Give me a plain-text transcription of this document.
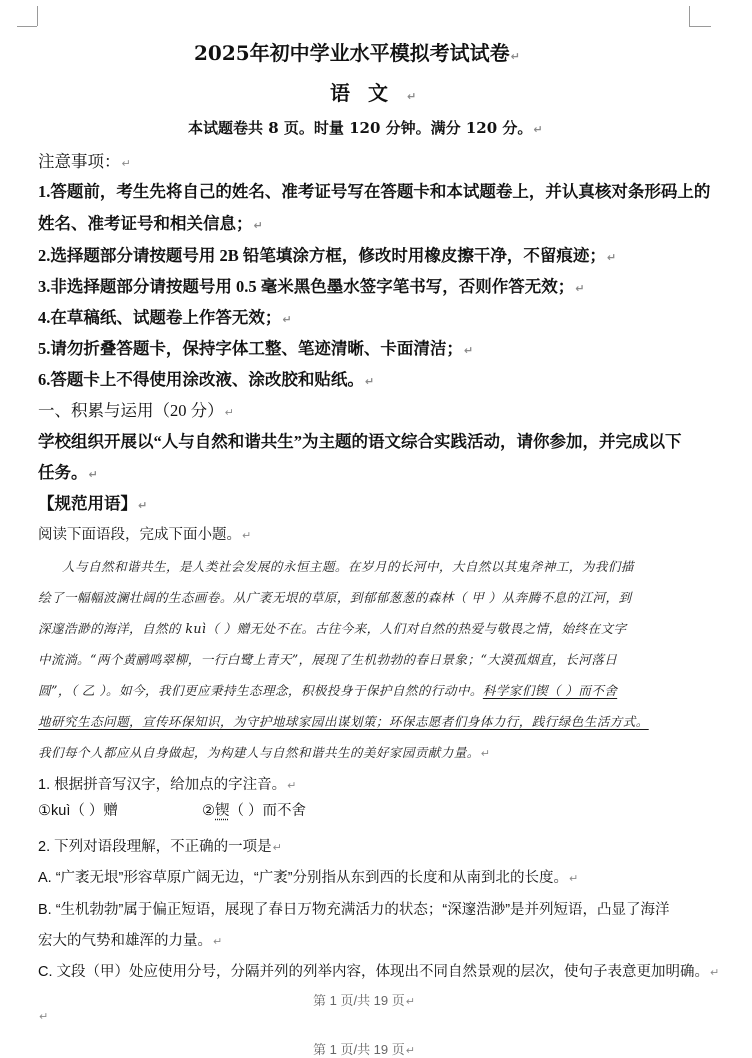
2025年初中学业水平模拟考试试卷↵
语文↵
本试题卷共 8 页。时量 120 分钟。满分 120 分。↵
注意事项：↵
1.答题前，考生先将自己的姓名、准考证号写在答题卡和本试题卷上，并认真核对条形码上的
姓名、准考证号和相关信息；↵
2.选择题部分请按题号用 2B 铅笔填涂方框，修改时用橡皮擦干净，不留痕迹；↵
3.非选择题部分请按题号用 0.5 毫米黑色墨水签字笔书写，否则作答无效；↵
4.在草稿纸、试题卷上作答无效；↵
5.请勿折叠答题卡，保持字体工整、笔迹清晰、卡面清洁；↵
6.答题卡上不得使用涂改液、涂改胶和贴纸。↵
一、积累与运用（20 分）↵
学校组织开展以“人与自然和谐共生”为主题的语文综合实践活动，请你参加，并完成以下
任务。↵
【规范用语】↵
阅读下面语段，完成下面小题。↵
人与自然和谐共生，是人类社会发展的永恒主题。在岁月的长河中，大自然以其鬼斧神工，为我们描
绘了一幅幅波澜壮阔的生态画卷。从广袤无垠的草原，到郁郁葱葱的森林（ 甲 ）从奔腾不息的江河，到
深邃浩渺的海洋，自然的 kuì（ ）赠无处不在。古往今来，人们对自然的热爱与敬畏之情，始终在文字
中流淌。“两个黄鹂鸣翠柳，一行白鹭上青天”，展现了生机勃勃的春日景象；“大漠孤烟直，长河落日
圆”，（ 乙 ）。如今，我们更应秉持生态理念，积极投身于保护自然的行动中。科学家们锲（ ）而不舍
地研究生态问题，宣传环保知识，为守护地球家园出谋划策；环保志愿者们身体力行，践行绿色生活方式。
我们每个人都应从自身做起，为构建人与自然和谐共生的美好家园贡献力量。↵
1. 根据拼音写汉字，给加点的字注音。↵
①kuì（ ）赠	②锲（ ）而不舍
2. 下列对语段理解，不正确的一项是↵
A. “广袤无垠”形容草原广阔无边，“广袤”分别指从东到西的长度和从南到北的长度。↵
B. “生机勃勃”属于偏正短语，展现了春日万物充满活力的状态；“深邃浩渺”是并列短语，凸显了海洋
宏大的气势和雄浑的力量。↵
C. 文段（甲）处应使用分号，分隔并列的列举内容，体现出不同自然景观的层次，使句子表意更加明确。↵
第 1 页/共 19 页↵
↵
第 1 页/共 19 页↵
